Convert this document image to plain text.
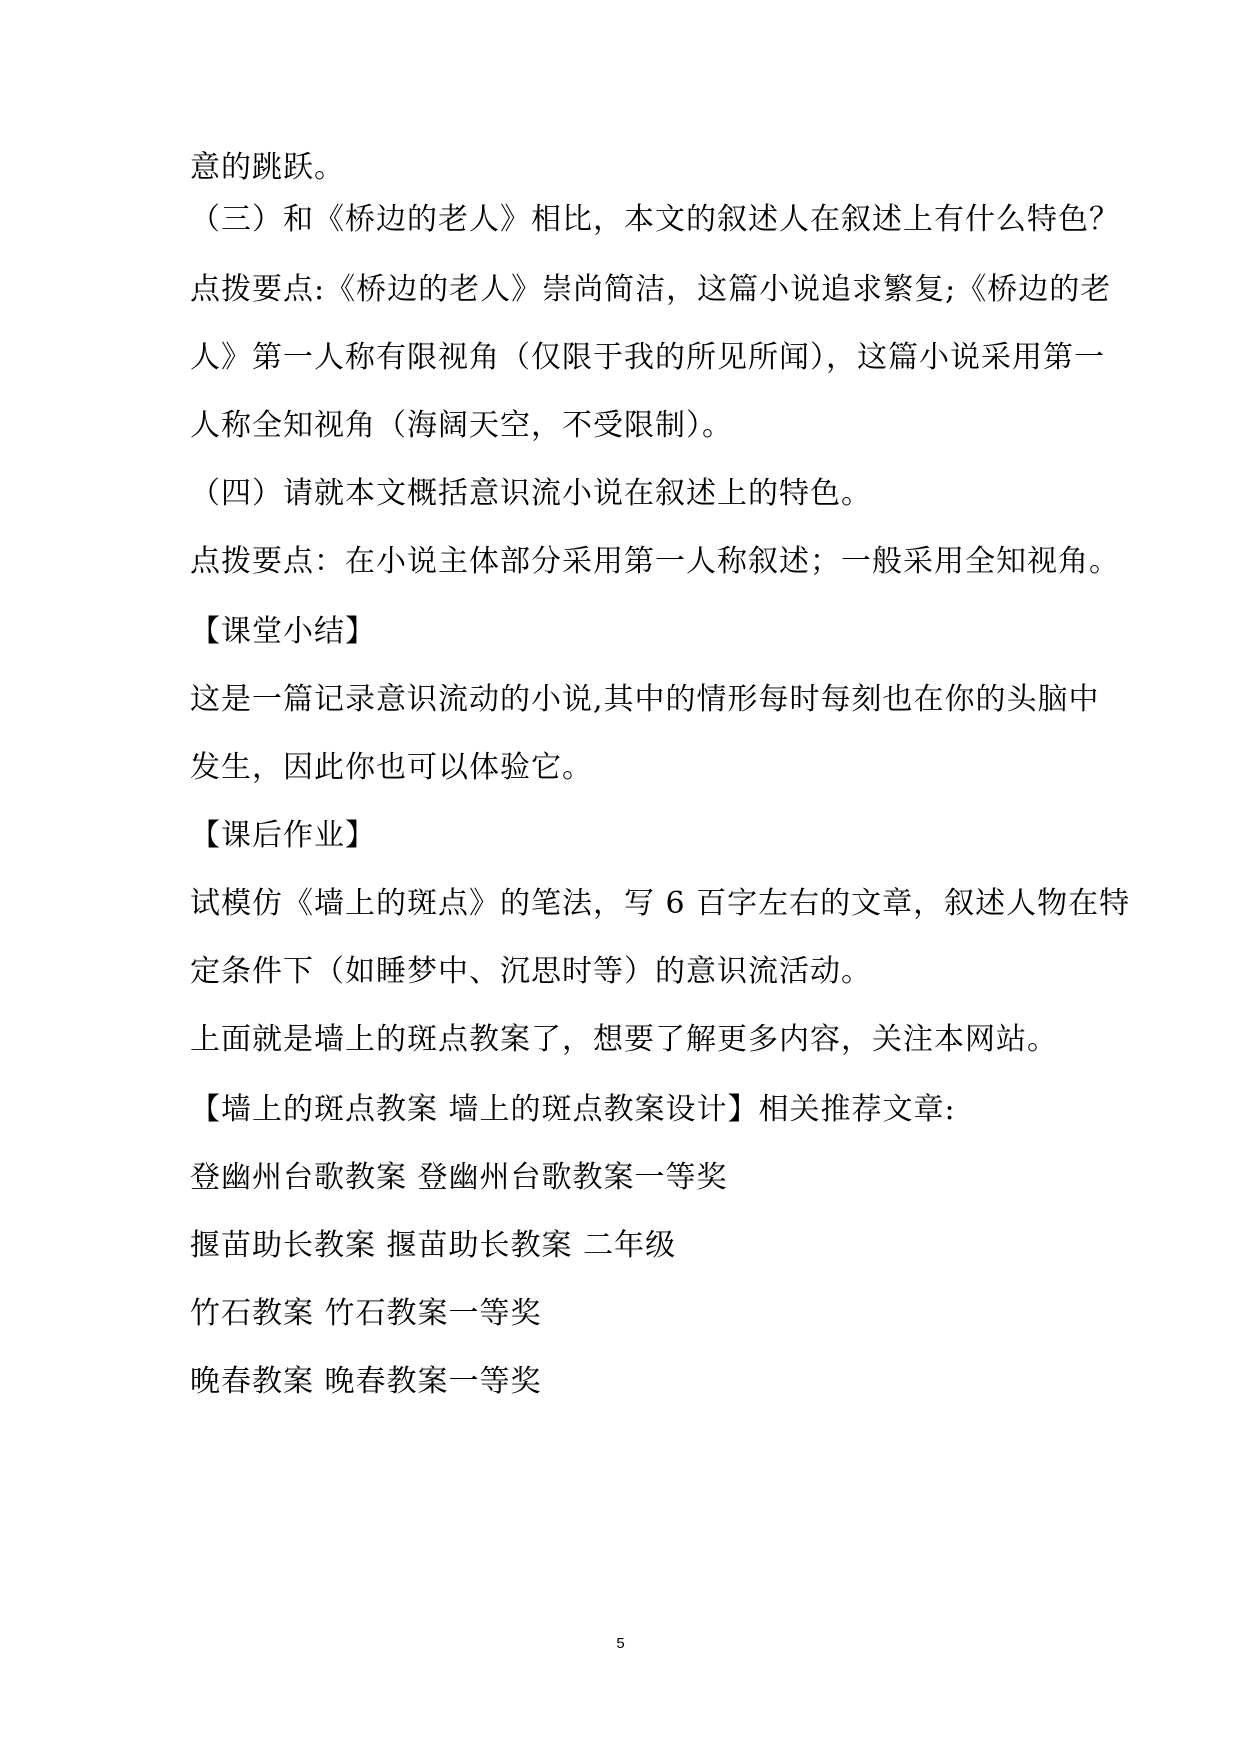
意的跳跃。
（三）和《桥边的老人》相比，本文的叙述人在叙述上有什么特色？
点拨要点:《桥边的老人》崇尚简洁，这篇小说追求繁复;《桥边的老
人》第一人称有限视角（仅限于我的所见所闻），这篇小说采用第一
人称全知视角（海阔天空，不受限制）。
（四）请就本文概括意识流小说在叙述上的特色。
点拨要点：在小说主体部分采用第一人称叙述；一般采用全知视角。
【课堂小结】
这是一篇记录意识流动的小说,其中的情形每时每刻也在你的头脑中
发生，因此你也可以体验它。
【课后作业】
试模仿《墙上的斑点》的笔法，写 6 百字左右的文章，叙述人物在特
定条件下（如睡梦中、沉思时等）的意识流活动。
上面就是墙上的斑点教案了，想要了解更多内容，关注本网站。
【墙上的斑点教案 墙上的斑点教案设计】相关推荐文章:
登幽州台歌教案 登幽州台歌教案一等奖
揠苗助长教案 揠苗助长教案 二年级
竹石教案 竹石教案一等奖
晚春教案 晚春教案一等奖
5
